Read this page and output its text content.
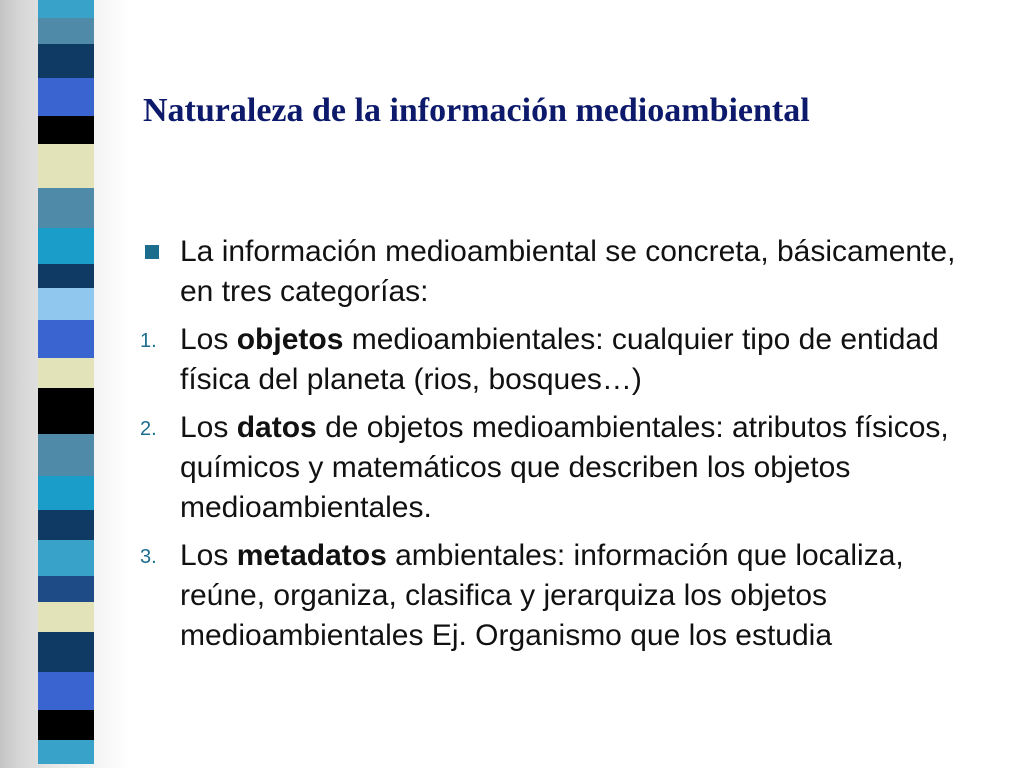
Naturaleza de la información medioambiental
La información medioambiental se concreta, básicamente, en tres categorías:
1. Los objetos medioambientales: cualquier tipo de entidad física del planeta (rios, bosques…)
2. Los datos de objetos medioambientales: atributos físicos, químicos y matemáticos que describen los objetos medioambientales.
3. Los metadatos ambientales: información que localiza, reúne, organiza, clasifica y jerarquiza los objetos medioambientales Ej. Organismo que los estudia
